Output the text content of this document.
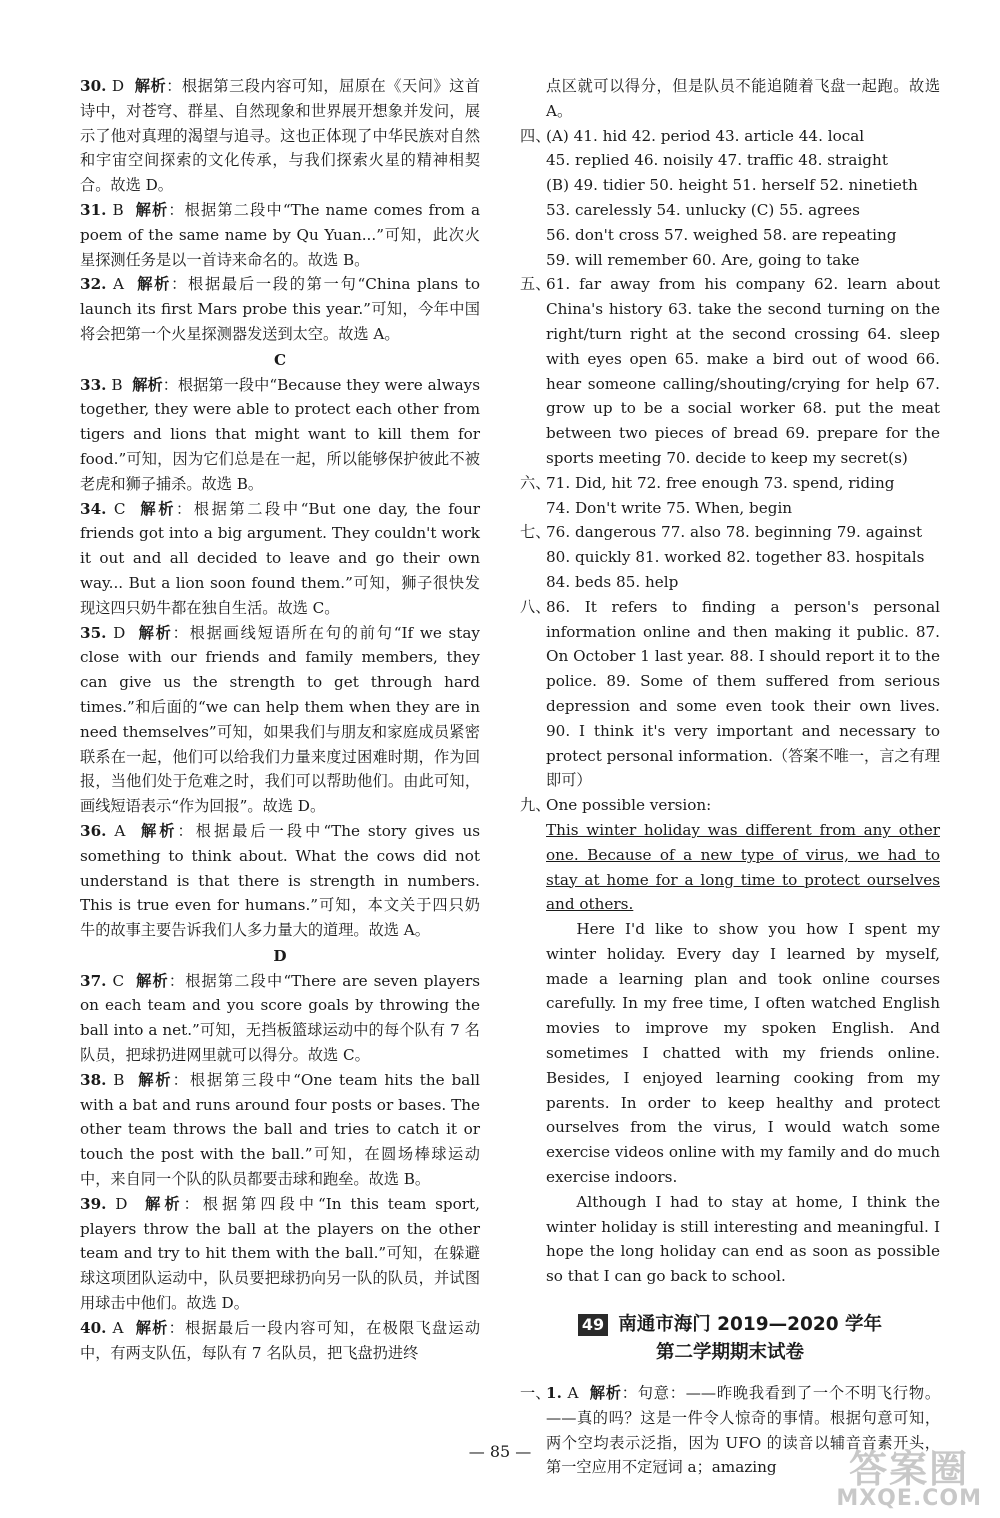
30. D 解析：根据第三段内容可知，屈原在《天问》这首诗中，对苍穹、群星、自然现象和世界展开想象并发问，展示了他对真理的渴望与追寻。这也正体现了中华民族对自然和宇宙空间探索的文化传承，与我们探索火星的精神相契合。故选 D。

31. B 解析：根据第二段中“The name comes from a poem of the same name by Qu Yuan...”可知，此次火星探测任务是以一首诗来命名的。故选 B。

32. A 解析：根据最后一段的第一句“China plans to launch its first Mars probe this year.”可知，今年中国将会把第一个火星探测器发送到太空。故选 A。

C

33. B 解析：根据第一段中“Because they were always together, they were able to protect each other from tigers and lions that might want to kill them for food.”可知，因为它们总是在一起，所以能够保护彼此不被老虎和狮子捕杀。故选 B。

34. C 解析：根据第二段中“But one day, the four friends got into a big argument. They couldn't work it out and all decided to leave and go their own way... But a lion soon found them.”可知，狮子很快发现这四只奶牛都在独自生活。故选 C。

35. D 解析：根据画线短语所在句的前句“If we stay close with our friends and family members, they can give us the strength to get through hard times.”和后面的“we can help them when they are in need themselves”可知，如果我们与朋友和家庭成员紧密联系在一起，他们可以给我们力量来度过困难时期，作为回报，当他们处于危难之时，我们可以帮助他们。由此可知，画线短语表示“作为回报”。故选 D。

36. A 解析：根据最后一段中“The story gives us something to think about. What the cows did not understand is that there is strength in numbers. This is true even for humans.”可知，本文关于四只奶牛的故事主要告诉我们人多力量大的道理。故选 A。

D

37. C 解析：根据第二段中“There are seven players on each team and you score goals by throwing the ball into a net.”可知，无挡板篮球运动中的每个队有 7 名队员，把球扔进网里就可以得分。故选 C。

38. B 解析：根据第三段中“One team hits the ball with a bat and runs around four posts or bases. The other team throws the ball and tries to catch it or touch the post with the ball.”可知，在圆场棒球运动中，来自同一个队的队员都要击球和跑垒。故选 B。

39. D 解析：根据第四段中“In this team sport, players throw the ball at the players on the other team and try to hit them with the ball.”可知，在躲避球这项团队运动中，队员要把球扔向另一队的队员，并试图用球击中他们。故选 D。

40. A 解析：根据最后一段内容可知，在极限飞盘运动中，有两支队伍，每队有 7 名队员，把飞盘扔进终

点区就可以得分，但是队员不能追随着飞盘一起跑。故选 A。

四、(A) 41. hid 42. period 43. article 44. local

45. replied 46. noisily 47. traffic 48. straight

(B) 49. tidier 50. height 51. herself 52. ninetieth

53. carelessly 54. unlucky (C) 55. agrees

56. don't cross 57. weighed 58. are repeating

59. will remember 60. Are, going to take

五、

61. far away from his company 62. learn about China's history 63. take the second turning on the right/turn right at the second crossing 64. sleep with eyes open 65. make a bird out of wood 66. hear someone calling/shouting/crying for help 67. grow up to be a social worker 68. put the meat between two pieces of bread 69. prepare for the sports meeting 70. decide to keep my secret(s)

六、71. Did, hit 72. free enough 73. spend, riding

74. Don't write 75. When, begin

七、76. dangerous 77. also 78. beginning 79. against

80. quickly 81. worked 82. together 83. hospitals

84. beds 85. help

八、

86. It refers to finding a person's personal information online and then making it public. 87. On October 1 last year. 88. I should report it to the police. 89. Some of them suffered from serious depression and some even took their own lives. 90. I think it's very important and necessary to protect personal information.（答案不唯一，言之有理即可）

九、One possible version:

This winter holiday was different from any other one. Because of a new type of virus, we had to stay at home for a long time to protect ourselves and others.

Here I'd like to show you how I spent my winter holiday. Every day I learned by myself, made a learning plan and took online courses carefully. In my free time, I often watched English movies to improve my spoken English. And sometimes I chatted with my friends online. Besides, I enjoyed learning cooking from my parents. In order to keep healthy and protect ourselves from the virus, I would watch some exercise videos online with my family and do much exercise indoors.

Although I had to stay at home, I think the winter holiday is still interesting and meaningful. I hope the long holiday can end as soon as possible so that I can go back to school.

49 南通市海门 2019—2020 学年
第二学期期末试卷
一、

1. A 解析：句意：——昨晚我看到了一个不明飞行物。——真的吗？这是一件令人惊奇的事情。根据句意可知，两个空均表示泛指，因为 UFO 的读音以辅音音素开头，第一空应用不定冠词 a；amazing

— 85 —	答案圈
MXQE.COM
